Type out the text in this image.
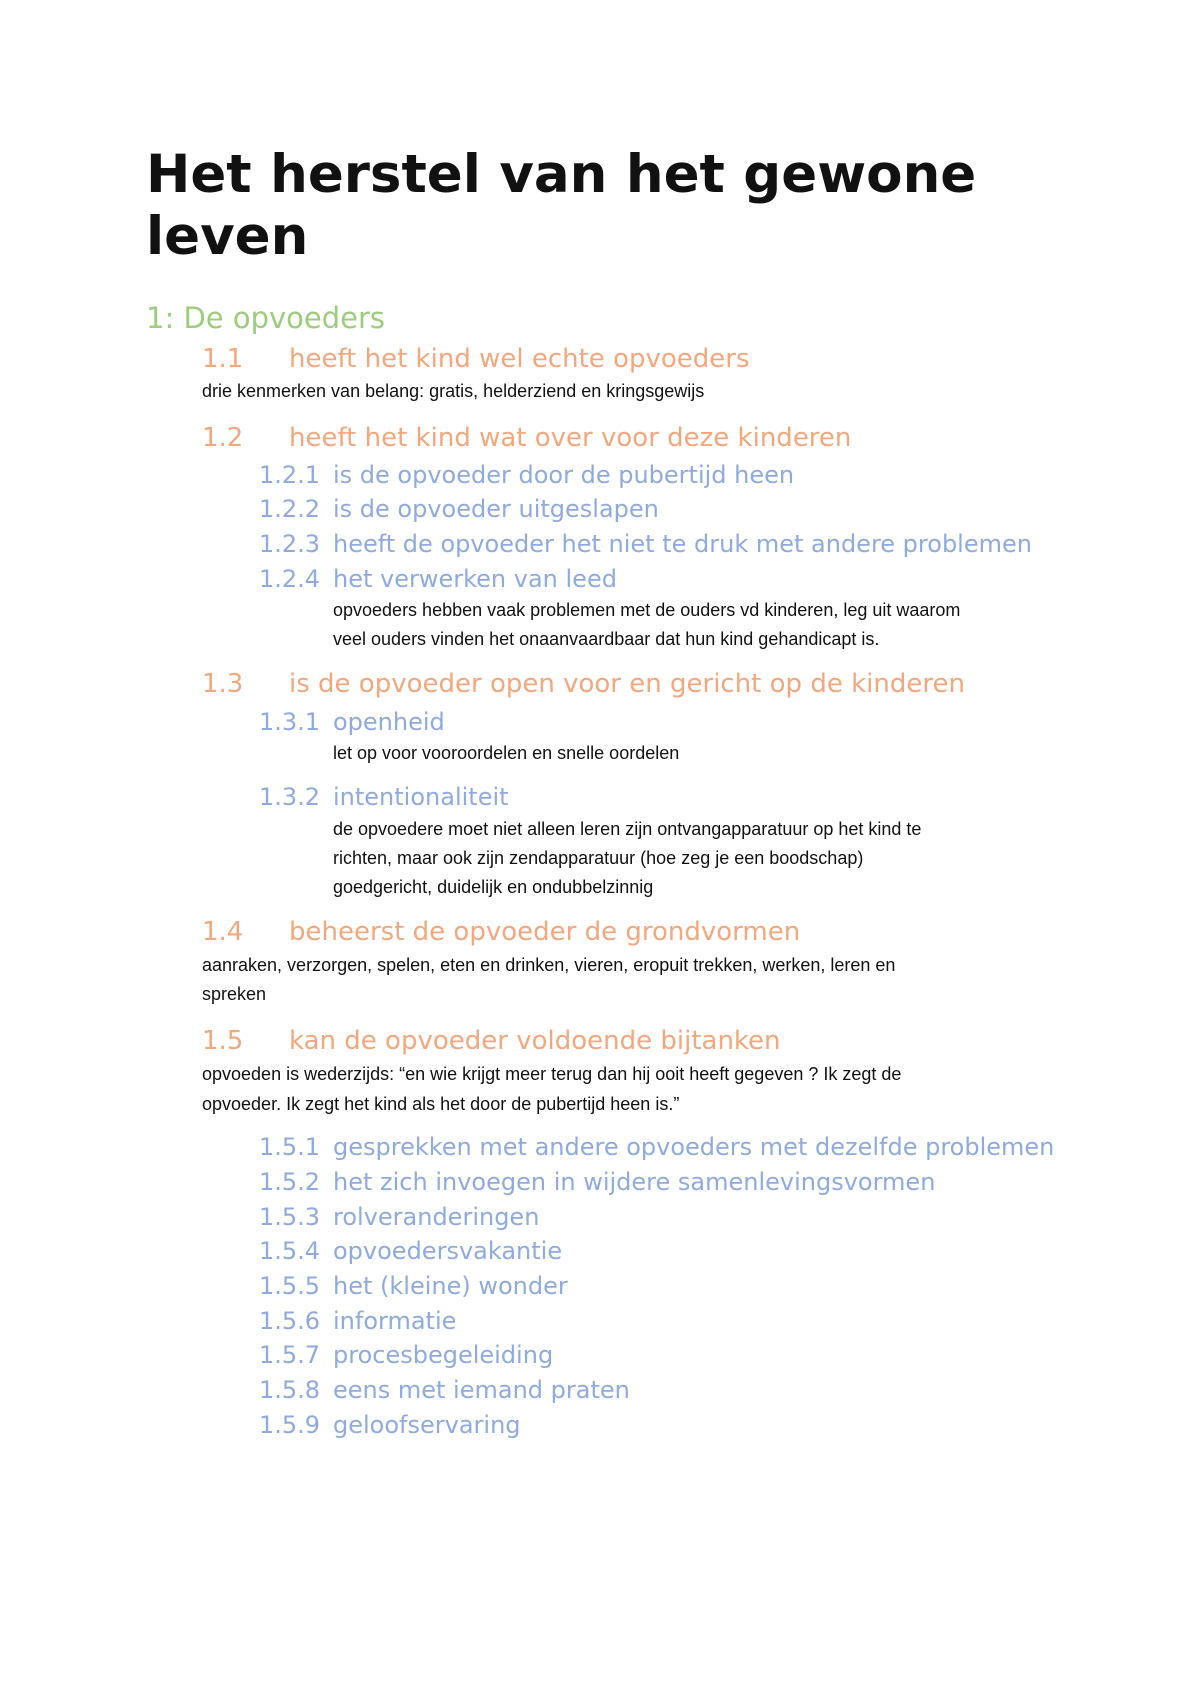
Het herstel van het gewone
leven
1: De opvoeders
1.1 heeft het kind wel echte opvoeders
drie kenmerken van belang: gratis, helderziend en kringsgewijs
1.2 heeft het kind wat over voor deze kinderen
1.2.1 is de opvoeder door de pubertijd heen
1.2.2 is de opvoeder uitgeslapen
1.2.3 heeft de opvoeder het niet te druk met andere problemen
1.2.4 het verwerken van leed
opvoeders hebben vaak problemen met de ouders vd kinderen, leg uit waarom
veel ouders vinden het onaanvaardbaar dat hun kind gehandicapt is.
1.3 is de opvoeder open voor en gericht op de kinderen
1.3.1 openheid
let op voor vooroordelen en snelle oordelen
1.3.2 intentionaliteit
de opvoedere moet niet alleen leren zijn ontvangapparatuur op het kind te
richten, maar ook zijn zendapparatuur (hoe zeg je een boodschap)
goedgericht, duidelijk en ondubbelzinnig
1.4 beheerst de opvoeder de grondvormen
aanraken, verzorgen, spelen, eten en drinken, vieren, eropuit trekken, werken, leren en
spreken
1.5 kan de opvoeder voldoende bijtanken
opvoeden is wederzijds: “en wie krijgt meer terug dan hij ooit heeft gegeven ? Ik zegt de
opvoeder. Ik zegt het kind als het door de pubertijd heen is.”
1.5.1 gesprekken met andere opvoeders met dezelfde problemen
1.5.2 het zich invoegen in wijdere samenlevingsvormen
1.5.3 rolveranderingen
1.5.4 opvoedersvakantie
1.5.5 het (kleine) wonder
1.5.6 informatie
1.5.7 procesbegeleiding
1.5.8 eens met iemand praten
1.5.9 geloofservaring
